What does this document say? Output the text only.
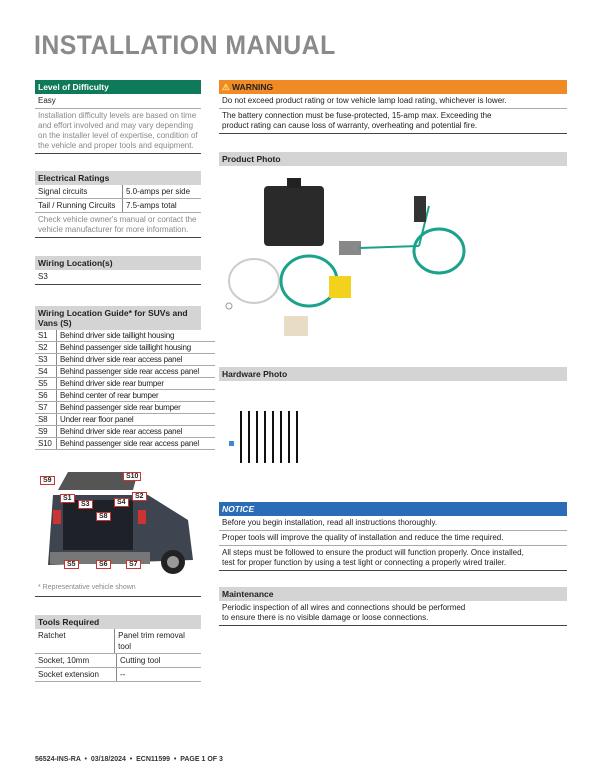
INSTALLATION MANUAL
Level of Difficulty
Easy
Installation difficulty levels are based on time and effort involved and may vary depending on the installer level of expertise, condition of the vehicle and proper tools and equipment.
Electrical Ratings
Signal circuits	5.0-amps per side
Tail / Running Circuits	7.5-amps total
Check vehicle owner's manual or contact the vehicle manufacturer for more information.
Wiring Location(s)
S3
Wiring Location Guide* for SUVs and Vans (S)
S1	Behind driver side taillight housing
S2	Behind passenger side taillight housing
S3	Behind driver side rear access panel
S4	Behind passenger side rear access panel
S5	Behind driver side rear bumper
S6	Behind center of rear bumper
S7	Behind passenger side rear bumper
S8	Under rear floor panel
S9	Behind driver side rear access panel
S10	Behind passenger side rear access panel
S9
S10
S1
S3	S4
S2
S8
S5	S6	S7
* Representative vehicle shown
Tools Required
Ratchet	Panel trim removal tool
Socket, 10mm	Cutting tool
Socket extension	--
⚠ WARNING
Do not exceed product rating or tow vehicle lamp load rating, whichever is lower.
The battery connection must be fuse-protected, 15-amp max. Exceeding the product rating can cause loss of warranty, overheating and potential fire.
Product Photo
Hardware Photo
NOTICE
Before you begin installation, read all instructions thoroughly.
Proper tools will improve the quality of installation and reduce the time required.
All steps must be followed to ensure the product will function properly. Once installed, test for proper function by using a test light or connecting a properly wired trailer.
Maintenance
Periodic inspection of all wires and connections should be performed to ensure there is no visible damage or loose connections.
56524-INS-RA  •  03/18/2024  •  ECN11599  •  PAGE 1 OF 3
